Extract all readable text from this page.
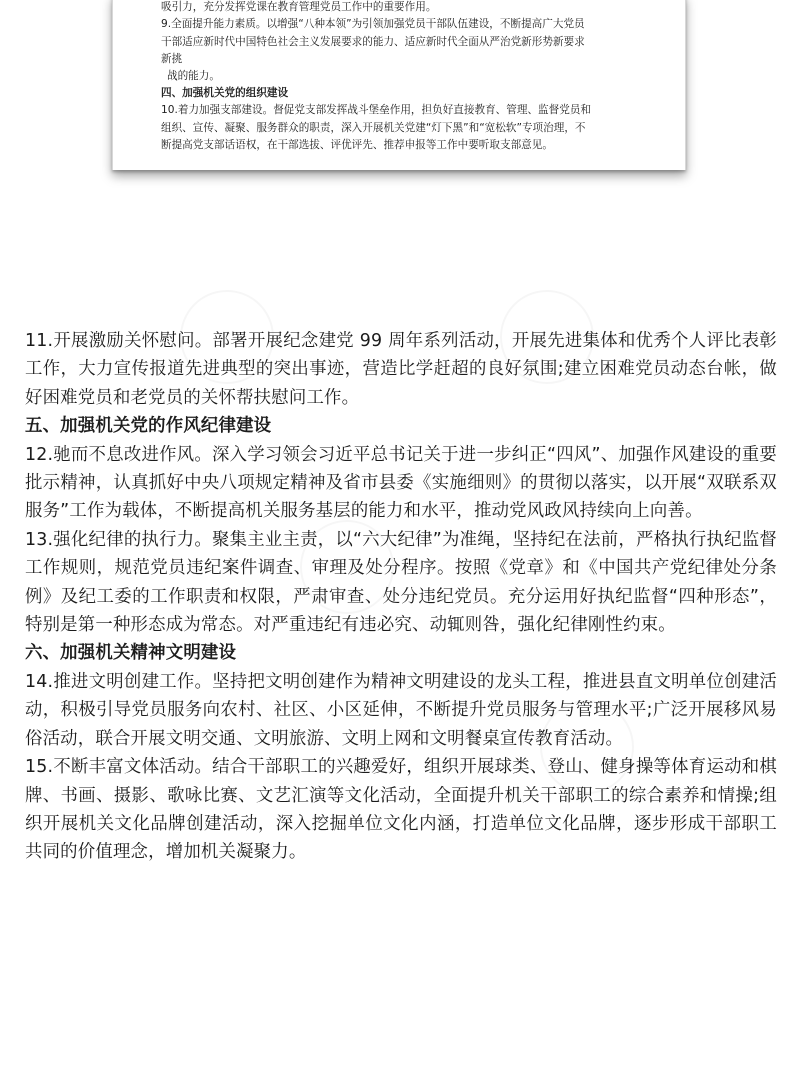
吸引力，充分发挥党课在教育管理党员工作中的重要作用。

9.全面提升能力素质。以增强“八种本领”为引领加强党员干部队伍建设，不断提高广大党员

干部适应新时代中国特色社会主义发展要求的能力、适应新时代全面从严治党新形势新要求

新挑

战的能力。

四、加强机关党的组织建设

10.着力加强支部建设。督促党支部发挥战斗堡垒作用，担负好直接教育、管理、监督党员和

组织、宣传、凝聚、服务群众的职责，深入开展机关党建“灯下黑”和“宽松软”专项治理，不

断提高党支部话语权，在干部选拔、评优评先、推荐申报等工作中要听取支部意见。

11.开展激励关怀慰问。部署开展纪念建党 99 周年系列活动，开展先进集体和优秀个人评比表彰工作，大力宣传报道先进典型的突出事迹，营造比学赶超的良好氛围;建立困难党员动态台帐，做好困难党员和老党员的关怀帮扶慰问工作。

五、加强机关党的作风纪律建设

12.驰而不息改进作风。深入学习领会习近平总书记关于进一步纠正“四风”、加强作风建设的重要批示精神，认真抓好中央八项规定精神及省市县委《实施细则》的贯彻以落实，以开展“双联系双服务”工作为载体，不断提高机关服务基层的能力和水平，推动党风政风持续向上向善。

13.强化纪律的执行力。聚集主业主责，以“六大纪律”为准绳，坚持纪在法前，严格执行执纪监督工作规则，规范党员违纪案件调查、审理及处分程序。按照《党章》和《中国共产党纪律处分条例》及纪工委的工作职责和权限，严肃审查、处分违纪党员。充分运用好执纪监督“四种形态”，特别是第一种形态成为常态。对严重违纪有违必究、动辄则咎，强化纪律刚性约束。

六、加强机关精神文明建设

14.推进文明创建工作。坚持把文明创建作为精神文明建设的龙头工程，推进县直文明单位创建活动，积极引导党员服务向农村、社区、小区延伸，不断提升党员服务与管理水平;广泛开展移风易俗活动，联合开展文明交通、文明旅游、文明上网和文明餐桌宣传教育活动。

15.不断丰富文体活动。结合干部职工的兴趣爱好，组织开展球类、登山、健身操等体育运动和棋牌、书画、摄影、歌咏比赛、文艺汇演等文化活动，全面提升机关干部职工的综合素养和情操;组织开展机关文化品牌创建活动，深入挖掘单位文化内涵，打造单位文化品牌，逐步形成干部职工共同的价值理念，增加机关凝聚力。
